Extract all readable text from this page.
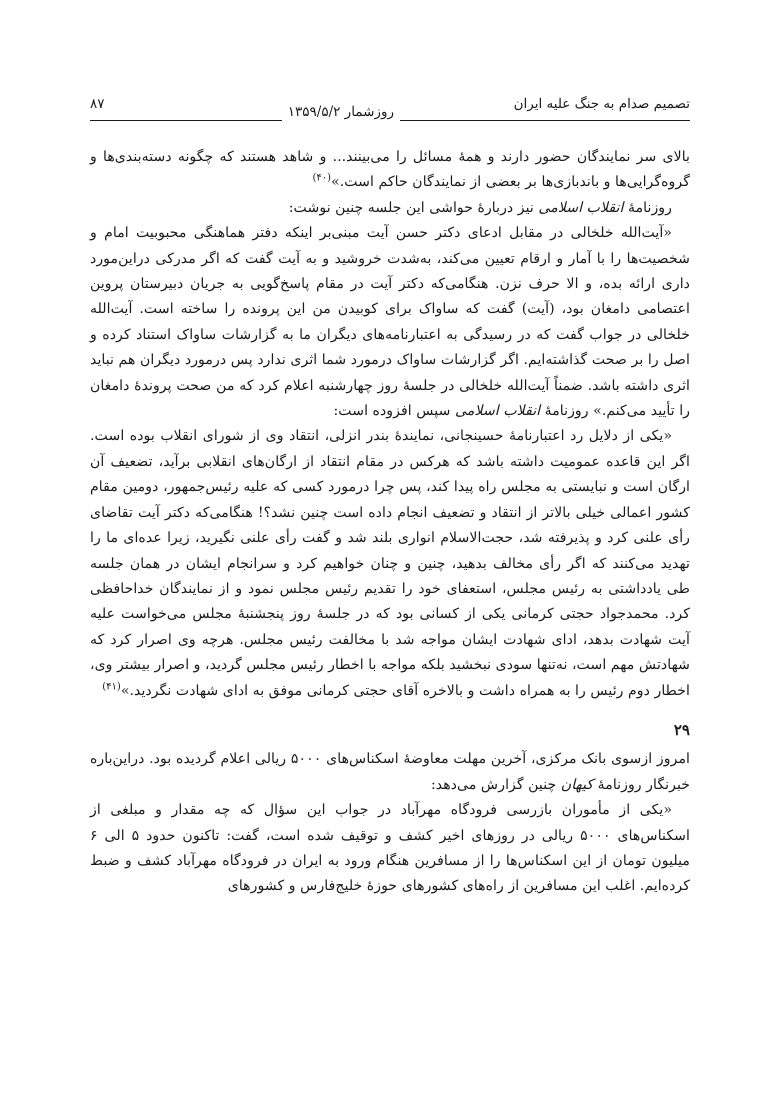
تصمیم صدام به جنگ علیه ایران
روزشمار ۱۳۵۹/۵/۲
۸۷

بالای سر نمایندگان حضور دارند و همهٔ مسائل را می‌بینند... و شاهد هستند که چگونه دسته‌بندی‌ها و گروه‌گرایی‌ها و باندبازی‌ها بر بعضی از نمایندگان حاکم است.»$^{(۴۰)}$

روزنامهٔ انقلاب اسلامی نیز دربارهٔ حواشی این جلسه چنین نوشت:

«آیت‌الله خلخالی در مقابل ادعای دکتر حسن آیت مبنی‌بر اینکه دفتر هماهنگی محبوبیت امام و شخصیت‌ها را با آمار و ارقام تعیین می‌کند، به‌شدت خروشید و به آیت گفت که اگر مدرکی دراین‌مورد داری ارائه بده، و الا حرف نزن. هنگامی‌که دکتر آیت در مقام پاسخ‌گویی به جریان دبیرستان پروین اعتصامی دامغان بود، (آیت) گفت که ساواک برای کوبیدن من این پرونده را ساخته است. آیت‌الله خلخالی در جواب گفت که در رسیدگی به اعتبارنامه‌های دیگران ما به گزارشات ساواک استناد کرده و اصل را بر صحت گذاشته‌ایم. اگر گزارشات ساواک درمورد شما اثری ندارد پس درمورد دیگران هم نباید اثری داشته باشد. ضمناً آیت‌الله خلخالی در جلسهٔ روز چهارشنبه اعلام کرد که من صحت پروندهٔ دامغان را تأیید می‌کنم.» روزنامهٔ انقلاب اسلامی سپس افزوده است:

«یکی از دلایل رد اعتبارنامهٔ حسینجانی، نمایندهٔ بندر انزلی، انتقاد وی از شورای انقلاب بوده است. اگر این قاعده عمومیت داشته باشد که هرکس در مقام انتقاد از ارگان‌های انقلابی برآید، تضعیف آن ارگان است و نبایستی به مجلس راه پیدا کند، پس چرا درمورد کسی که علیه رئیس‌جمهور، دومین مقام کشور اعمالی خیلی بالاتر از انتقاد و تضعیف انجام داده است چنین نشد؟! هنگامی‌که دکتر آیت تقاضای رأی علنی کرد و پذیرفته شد، حجت‌الاسلام انواری بلند شد و گفت رأی علنی نگیرید، زیرا عده‌ای ما را تهدید می‌کنند که اگر رأی مخالف بدهید، چنین و چنان خواهیم کرد و سرانجام ایشان در همان جلسه طی یادداشتی به رئیس مجلس، استعفای خود را تقدیم رئیس مجلس نمود و از نمایندگان خداحافظی کرد. محمدجواد حجتی کرمانی یکی از کسانی بود که در جلسهٔ روز پنجشنبهٔ مجلس می‌خواست علیه آیت شهادت بدهد، ادای شهادت ایشان مواجه شد با مخالفت رئیس مجلس. هرچه وی اصرار کرد که شهادتش مهم است، نه‌تنها سودی نبخشید بلکه مواجه با اخطار رئیس مجلس گردید، و اصرار بیشتر وی، اخطار دوم رئیس را به همراه داشت و بالاخره آقای حجتی کرمانی موفق به ادای شهادت نگردید.»$^{(۴۱)}$

۲۹

امروز ازسوی بانک مرکزی، آخرین مهلت معاوضهٔ اسکناس‌های ۵۰۰۰ ریالی اعلام گردیده بود. دراین‌باره خبرنگار روزنامهٔ کیهان چنین گزارش می‌دهد:

«یکی از مأموران بازرسی فرودگاه مهرآباد در جواب این سؤال که چه مقدار و مبلغی از اسکناس‌های ۵۰۰۰ ریالی در روزهای اخیر کشف و توقیف شده است، گفت: تاکنون حدود ۵ الی ۶ میلیون تومان از این اسکناس‌ها را از مسافرین هنگام ورود به ایران در فرودگاه مهرآباد کشف و ضبط کرده‌ایم. اغلب این مسافرین از راه‌های کشورهای حوزهٔ خلیج‌فارس و کشورهای
